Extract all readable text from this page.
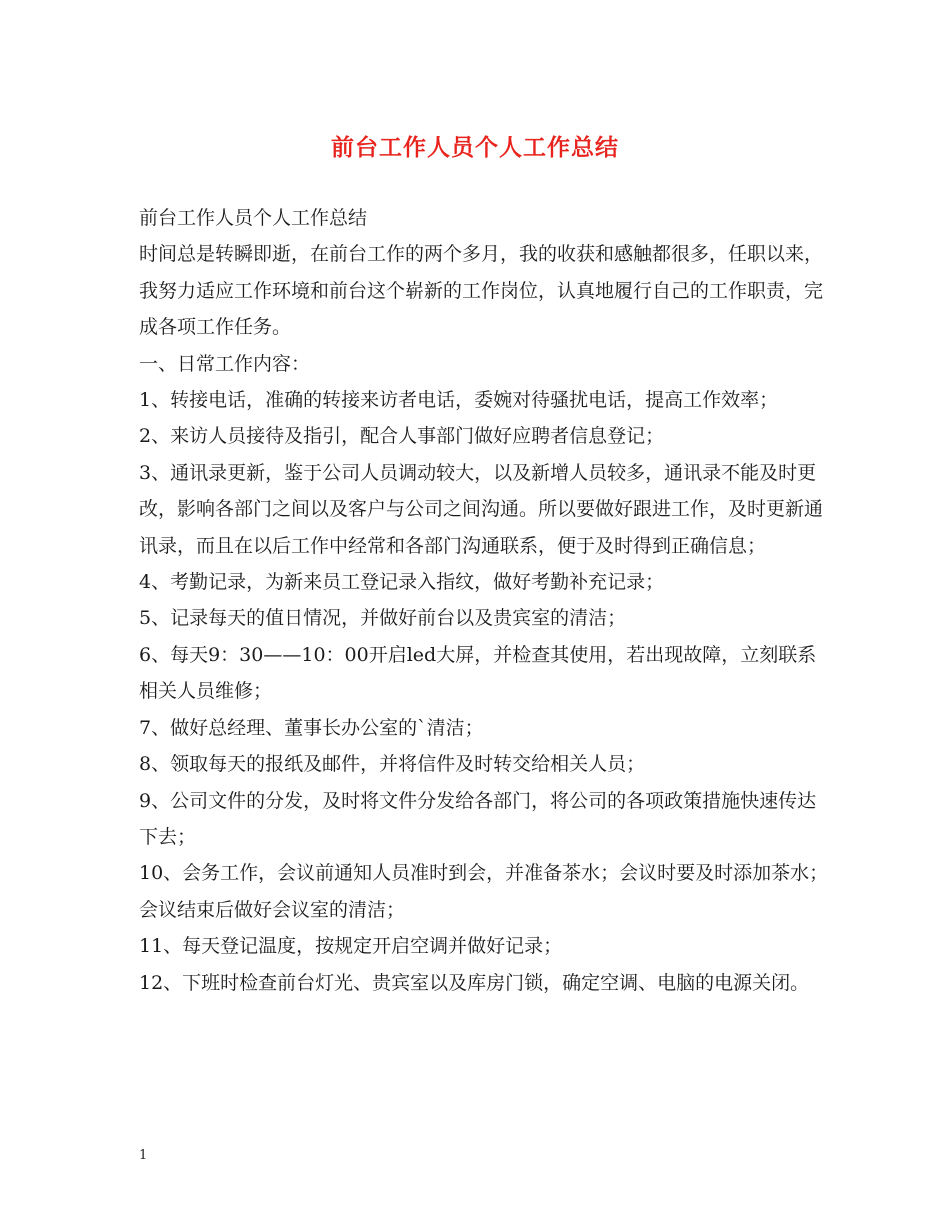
前台工作人员个人工作总结

前台工作人员个人工作总结

时间总是转瞬即逝，在前台工作的两个多月，我的收获和感触都很多，任职以来，我努力适应工作环境和前台这个崭新的工作岗位，认真地履行自己的工作职责，完成各项工作任务。

一、日常工作内容：

1、转接电话，准确的转接来访者电话，委婉对待骚扰电话，提高工作效率；

2、来访人员接待及指引，配合人事部门做好应聘者信息登记；

3、通讯录更新，鉴于公司人员调动较大，以及新增人员较多，通讯录不能及时更改，影响各部门之间以及客户与公司之间沟通。所以要做好跟进工作，及时更新通讯录，而且在以后工作中经常和各部门沟通联系，便于及时得到正确信息；

4、考勤记录，为新来员工登记录入指纹，做好考勤补充记录；

5、记录每天的值日情况，并做好前台以及贵宾室的清洁；

6、每天9：30——10：00开启led大屏，并检查其使用，若出现故障，立刻联系相关人员维修；

7、做好总经理、董事长办公室的`清洁；

8、领取每天的报纸及邮件，并将信件及时转交给相关人员；

9、公司文件的分发，及时将文件分发给各部门，将公司的各项政策措施快速传达下去；

10、会务工作，会议前通知人员准时到会，并准备茶水；会议时要及时添加茶水；会议结束后做好会议室的清洁；

11、每天登记温度，按规定开启空调并做好记录；

12、下班时检查前台灯光、贵宾室以及库房门锁，确定空调、电脑的电源关闭。

1
